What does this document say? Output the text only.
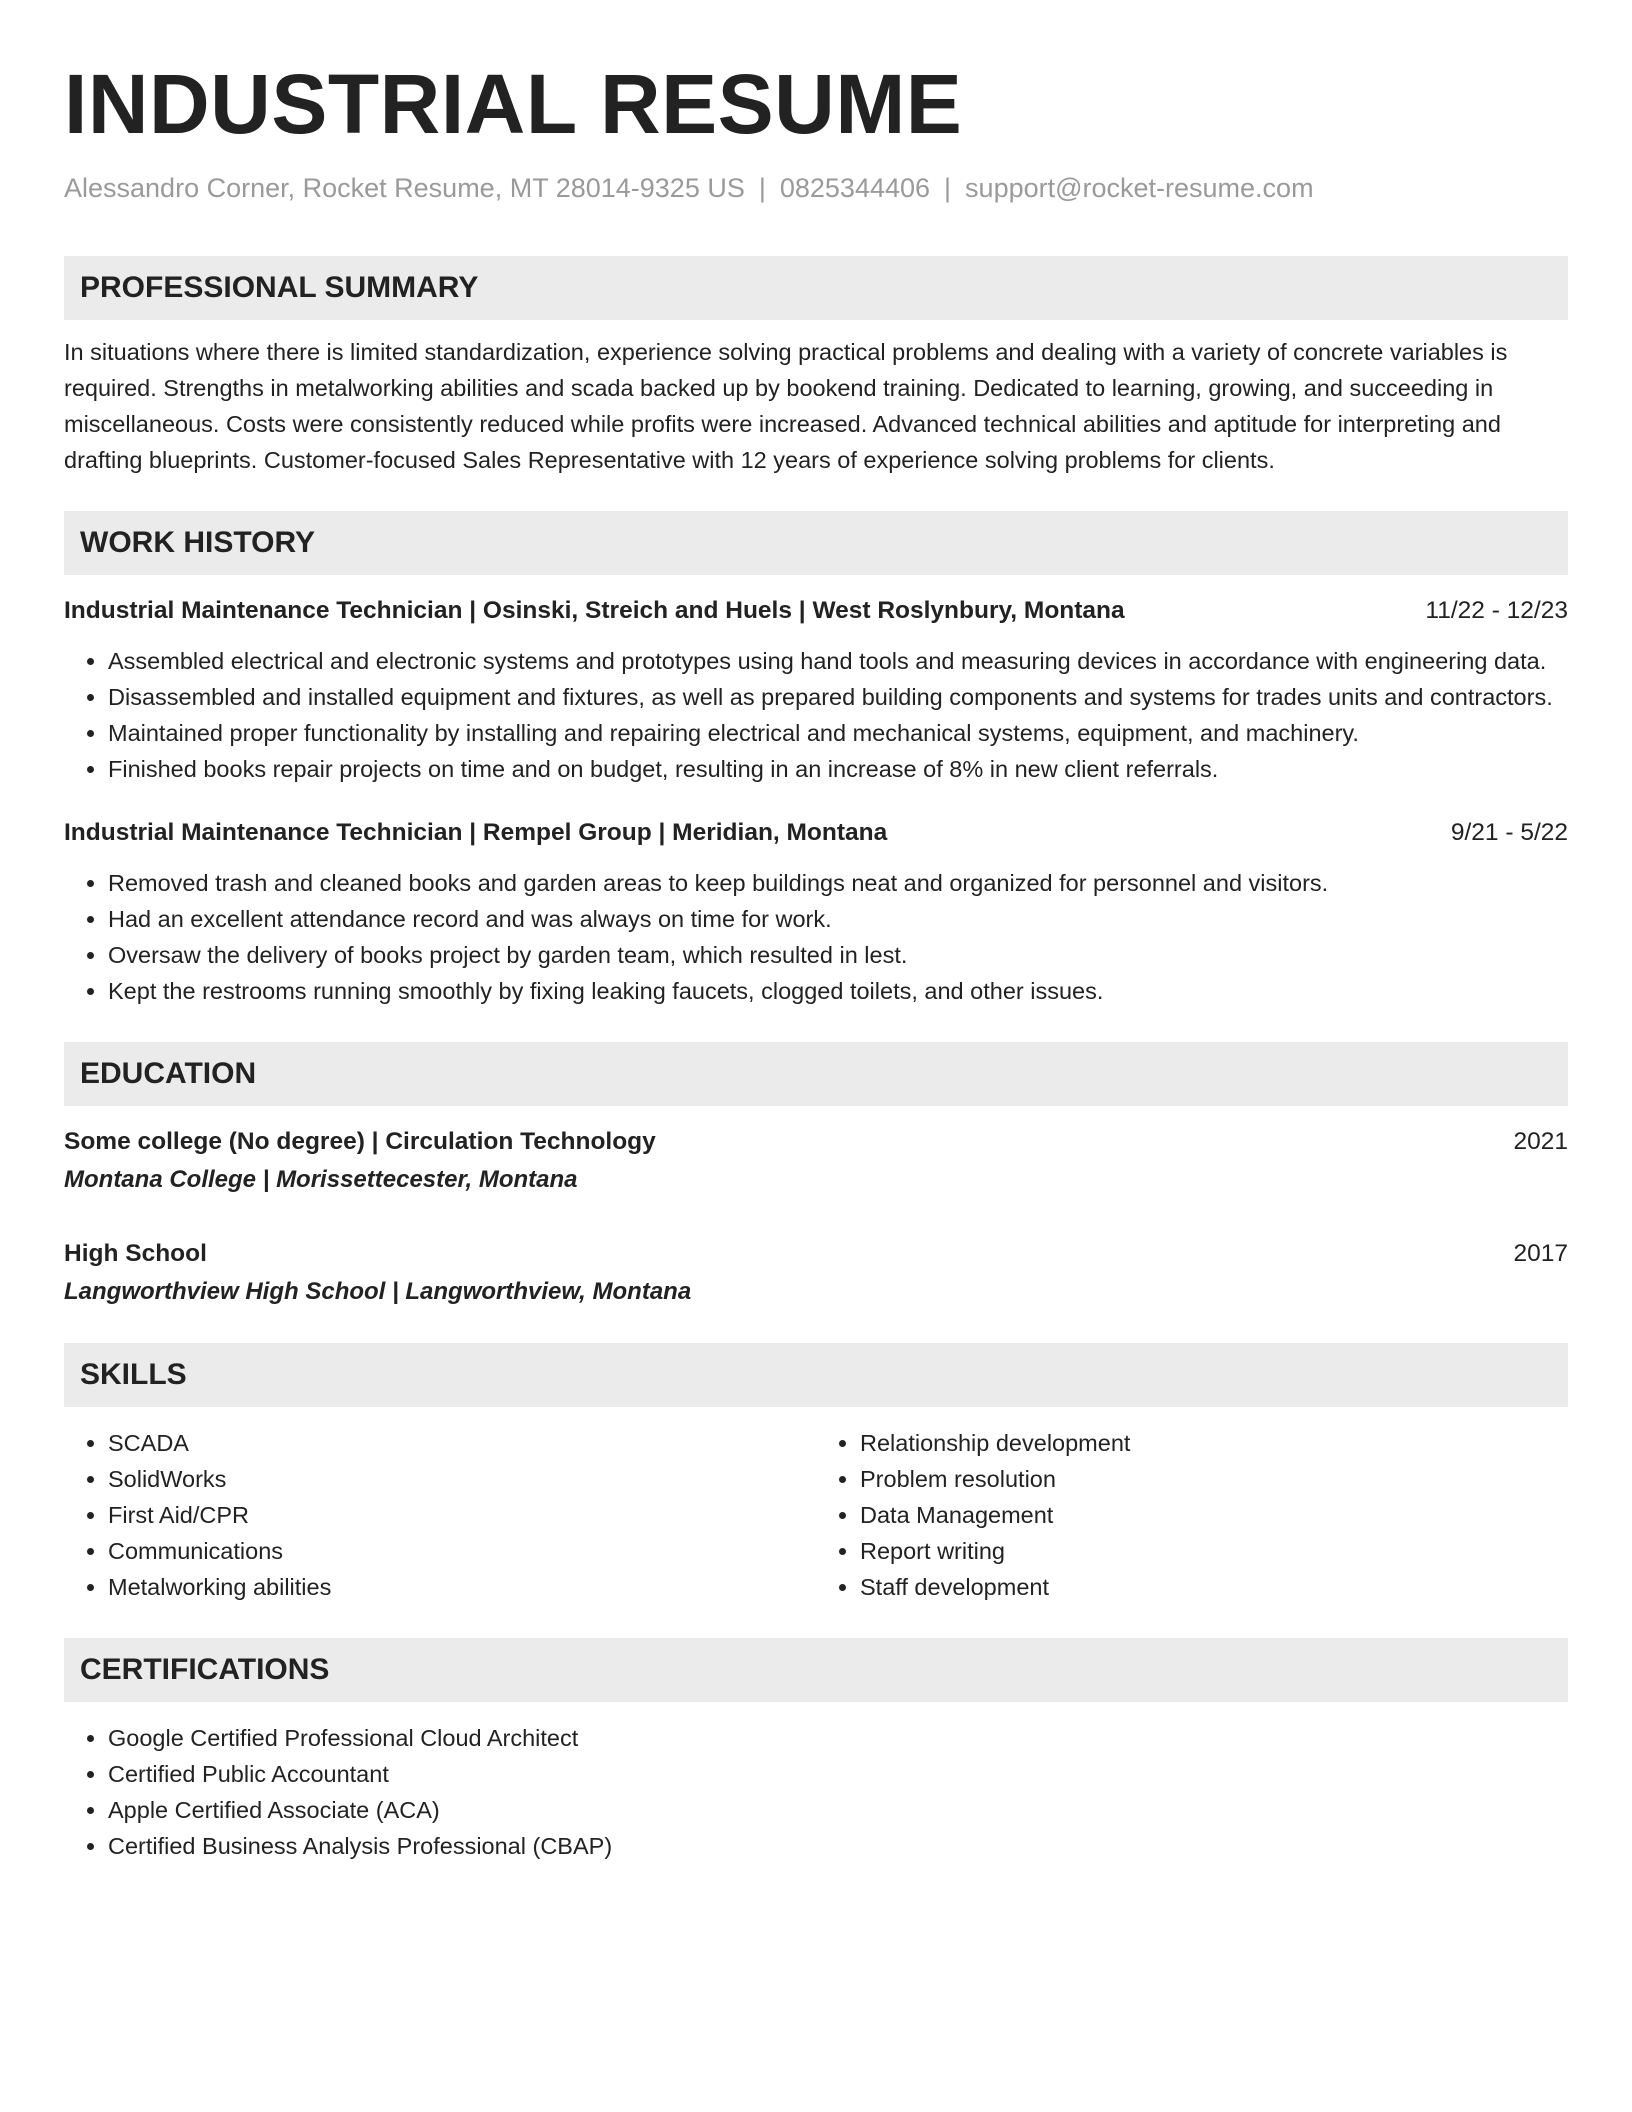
INDUSTRIAL RESUME
Alessandro Corner, Rocket Resume, MT 28014-9325 US | 0825344406 | support@rocket-resume.com
PROFESSIONAL SUMMARY
In situations where there is limited standardization, experience solving practical problems and dealing with a variety of concrete variables is required. Strengths in metalworking abilities and scada backed up by bookend training. Dedicated to learning, growing, and succeeding in miscellaneous. Costs were consistently reduced while profits were increased. Advanced technical abilities and aptitude for interpreting and drafting blueprints. Customer-focused Sales Representative with 12 years of experience solving problems for clients.
WORK HISTORY
Industrial Maintenance Technician | Osinski, Streich and Huels | West Roslynbury, Montana	11/22 - 12/23
• Assembled electrical and electronic systems and prototypes using hand tools and measuring devices in accordance with engineering data.
• Disassembled and installed equipment and fixtures, as well as prepared building components and systems for trades units and contractors.
• Maintained proper functionality by installing and repairing electrical and mechanical systems, equipment, and machinery.
• Finished books repair projects on time and on budget, resulting in an increase of 8% in new client referrals.
Industrial Maintenance Technician | Rempel Group | Meridian, Montana	9/21 - 5/22
• Removed trash and cleaned books and garden areas to keep buildings neat and organized for personnel and visitors.
• Had an excellent attendance record and was always on time for work.
• Oversaw the delivery of books project by garden team, which resulted in lest.
• Kept the restrooms running smoothly by fixing leaking faucets, clogged toilets, and other issues.
EDUCATION
Some college (No degree) | Circulation Technology	2021
Montana College | Morissettecester, Montana
High School	2017
Langworthview High School | Langworthview, Montana
SKILLS
• SCADA
• SolidWorks
• First Aid/CPR
• Communications
• Metalworking abilities
• Relationship development
• Problem resolution
• Data Management
• Report writing
• Staff development
CERTIFICATIONS
• Google Certified Professional Cloud Architect
• Certified Public Accountant
• Apple Certified Associate (ACA)
• Certified Business Analysis Professional (CBAP)
